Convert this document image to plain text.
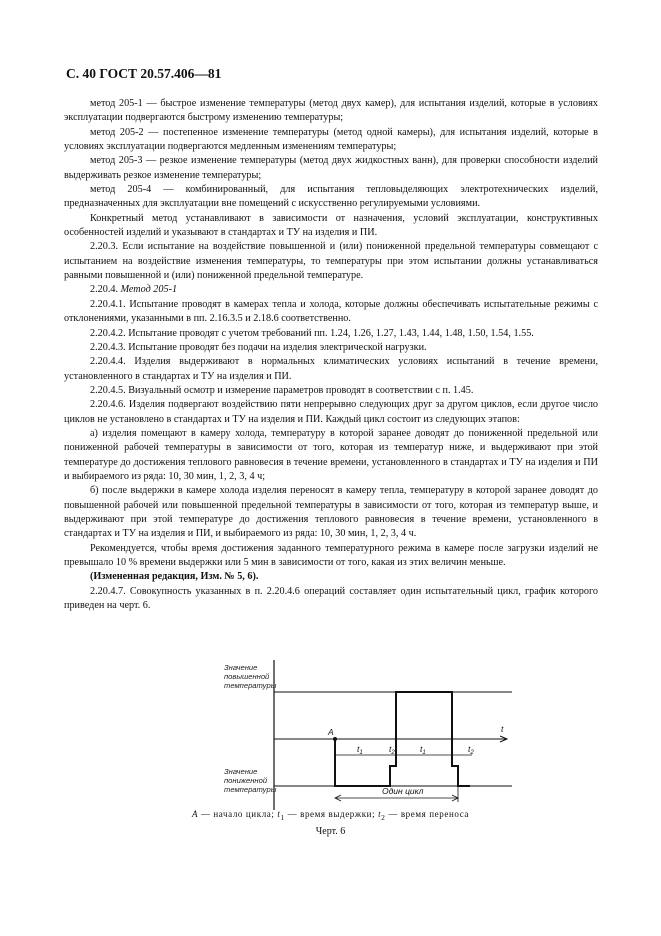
С. 40 ГОСТ 20.57.406—81

метод 205-1 — быстрое изменение температуры (метод двух камер), для испытания изделий, которые в условиях эксплуатации подвергаются быстрому изменению температуры;

метод 205-2 — постепенное изменение температуры (метод одной камеры), для испытания изделий, которые в условиях эксплуатации подвергаются медленным изменениям температуры;

метод 205-3 — резкое изменение температуры (метод двух жидкостных ванн), для проверки способности изделий выдерживать резкое изменение температуры;

метод 205-4 — комбинированный, для испытания тепловыделяющих электротехнических изделий, предназначенных для эксплуатации вне помещений с искусственно регулируемыми условиями.

Конкретный метод устанавливают в зависимости от назначения, условий эксплуатации, конструктивных особенностей изделий и указывают в стандартах и ТУ на изделия и ПИ.

2.20.3. Если испытание на воздействие повышенной и (или) пониженной предельной температуры совмещают с испытанием на воздействие изменения температуры, то температуры при этом испытании должны устанавливаться равными повышенной и (или) пониженной предельной температуре.

2.20.4. Метод 205-1

2.20.4.1. Испытание проводят в камерах тепла и холода, которые должны обеспечивать испытательные режимы с отклонениями, указанными в пп. 2.16.3.5 и 2.18.6 соответственно.

2.20.4.2. Испытание проводят с учетом требований пп. 1.24, 1.26, 1.27, 1.43, 1.44, 1.48, 1.50, 1.54, 1.55.

2.20.4.3. Испытание проводят без подачи на изделия электрической нагрузки.

2.20.4.4. Изделия выдерживают в нормальных климатических условиях испытаний в течение времени, установленного в стандартах и ТУ на изделия и ПИ.

2.20.4.5. Визуальный осмотр и измерение параметров проводят в соответствии с п. 1.45.

2.20.4.6. Изделия подвергают воздействию пяти непрерывно следующих друг за другом циклов, если другое число циклов не установлено в стандартах и ТУ на изделия и ПИ. Каждый цикл состоит из следующих этапов:

а) изделия помещают в камеру холода, температуру в которой заранее доводят до пониженной предельной или пониженной рабочей температуры в зависимости от того, которая из температур ниже, и выдерживают при этой температуре до достижения теплового равновесия в течение времени, установленного в стандартах и ТУ на изделия и ПИ и выбираемого из ряда: 10, 30 мин, 1, 2, 3, 4 ч;

б) после выдержки в камере холода изделия переносят в камеру тепла, температуру в которой заранее доводят до повышенной рабочей или повышенной предельной температуры в зависимости от того, которая из температур выше, и выдерживают при этой температуре до достижения теплового равновесия в течение времени, установленного в стандартах и ТУ на изделия и ПИ, и выбираемого из ряда: 10, 30 мин, 1, 2, 3, 4 ч.

Рекомендуется, чтобы время достижения заданного температурного режима в камере после загрузки изделий не превышало 10 % времени выдержки или 5 мин в зависимости от того, какая из этих величин меньше.

(Измененная редакция, Изм. № 5, 6).

2.20.4.7. Совокупность указанных в п. 2.20.4.6 операций составляет один испытательный цикл, график которого приведен на черт. 6.

Значение
повышенной
температуры
Значение
пониженной
температуры
t
A
$t_1$	$t_2$	$t_1$	$t_2$
Один цикл
А — начало цикла; $t_1$ — время выдержки; $t_2$ — время переноса
Черт. 6
